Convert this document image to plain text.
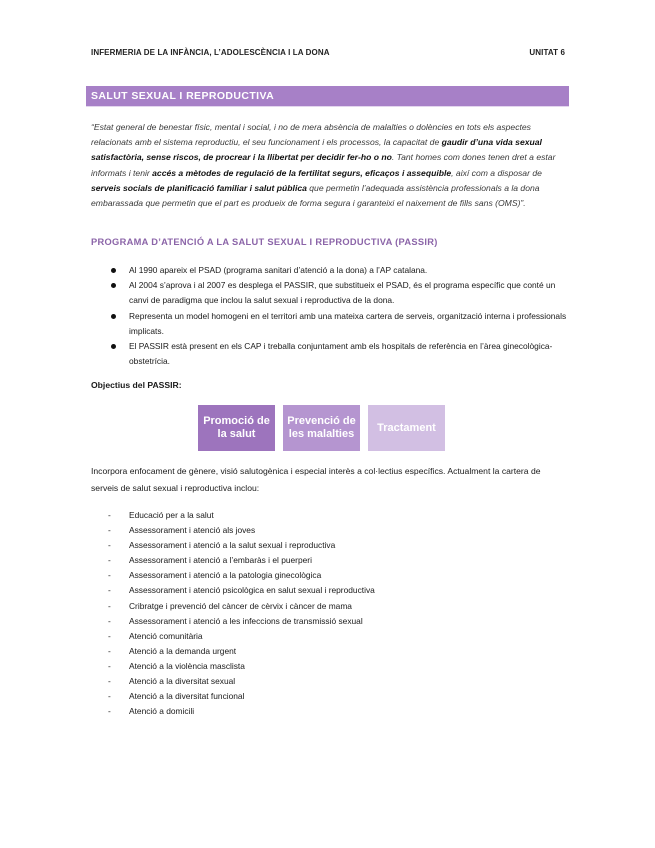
INFERMERIA DE LA INFÀNCIA, L’ADOLESCÈNCIA I LA DONA	UNITAT 6
SALUT SEXUAL I REPRODUCTIVA

“Estat general de benestar físic, mental i social, i no de mera absència de malalties o dolències en tots els aspectes relacionats amb el sistema reproductiu, el seu funcionament i els processos, la capacitat de gaudir d’una vida sexual satisfactòria, sense riscos, de procrear i la llibertat per decidir fer-ho o no. Tant homes com dones tenen dret a estar informats i tenir accés a mètodes de regulació de la fertilitat segurs, eficaços i assequible, així com a disposar de serveis socials de planificació familiar i salut pública que permetin l’adequada assistència professionals a la dona embarassada que permetin que el part es produeix de forma segura i garanteixi el naixement de fills sans (OMS)”.

PROGRAMA D’ATENCIÓ A LA SALUT SEXUAL I REPRODUCTIVA (PASSIR)
Al 1990 apareix el PSAD (programa sanitari d’atenció a la dona) a l’AP catalana.
Al 2004 s’aprova i al 2007 es desplega el PASSIR, que substitueix el PSAD, és el programa específic que conté un canvi de paradigma que inclou la salut sexual i reproductiva de la dona.
Representa un model homogeni en el territori amb una mateixa cartera de serveis, organització interna i professionals implicats.
El PASSIR està present en els CAP i treballa conjuntament amb els hospitals de referència en l’àrea ginecològica-obstetrícia.
Objectius del PASSIR:
Promoció de
la salut
Prevenció de
les malalties
Tractament

Incorpora enfocament de gènere, visió salutogènica i especial interès a col·lectius específics. Actualment la cartera de serveis de salut sexual i reproductiva inclou:

- Educació per a la salut
- Assessorament i atenció als joves
- Assessorament i atenció a la salut sexual i reproductiva
- Assessorament i atenció a l’embaràs i el puerperi
- Assessorament i atenció a la patologia ginecològica
- Assessorament i atenció psicològica en salut sexual i reproductiva
- Cribratge i prevenció del càncer de cèrvix i càncer de mama
- Assessorament i atenció a les infeccions de transmissió sexual
- Atenció comunitària
- Atenció a la demanda urgent
- Atenció a la violència masclista
- Atenció a la diversitat sexual
- Atenció a la diversitat funcional
- Atenció a domicili
